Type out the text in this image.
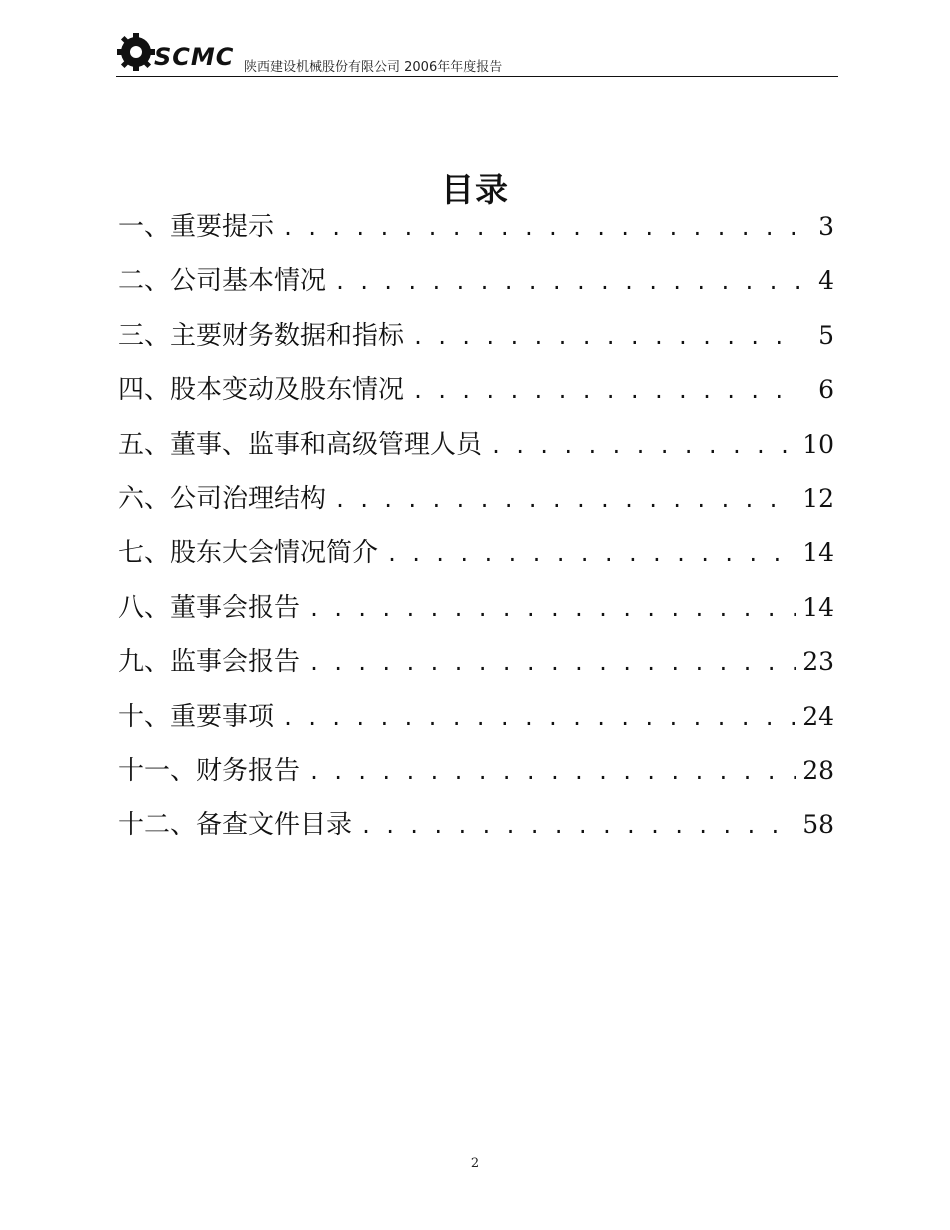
SCMC 陕西建设机械股份有限公司 2006年年度报告
目录
一、重要提示 . . .	3
二、公司基本情况 . . .	4
三、主要财务数据和指标 . . .	5
四、股本变动及股东情况 . . .	6
五、董事、监事和高级管理人员 . . .	10
六、公司治理结构 . . .	12
七、股东大会情况简介 . . .	14
八、董事会报告 . . .	14
九、监事会报告 . . .	23
十、重要事项 . . .	24
十一、财务报告 . . .	28
十二、备查文件目录 . . .	58
2
